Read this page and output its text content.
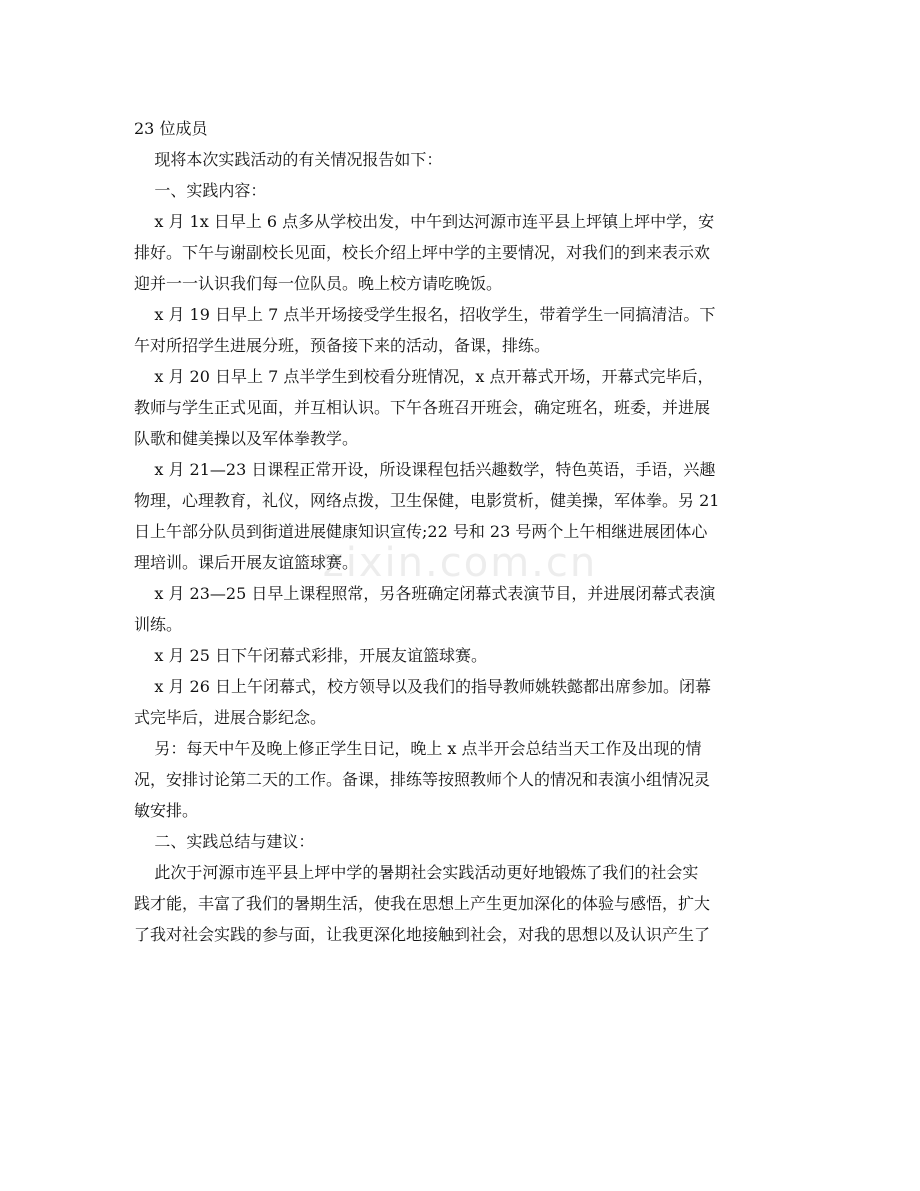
zixin.com.cn

23 位成员

现将本次实践活动的有关情况报告如下：

一、实践内容：

x 月 1x 日早上 6 点多从学校出发，中午到达河源市连平县上坪镇上坪中学，安

排好。下午与谢副校长见面，校长介绍上坪中学的主要情况，对我们的到来表示欢

迎并一一认识我们每一位队员。晚上校方请吃晚饭。

x 月 19 日早上 7 点半开场接受学生报名，招收学生，带着学生一同搞清洁。下

午对所招学生进展分班，预备接下来的活动，备课，排练。

x 月 20 日早上 7 点半学生到校看分班情况，x 点开幕式开场，开幕式完毕后，

教师与学生正式见面，并互相认识。下午各班召开班会，确定班名，班委，并进展

队歌和健美操以及军体拳教学。

x 月 21—23 日课程正常开设，所设课程包括兴趣数学，特色英语，手语，兴趣

物理，心理教育，礼仪，网络点拨，卫生保健，电影赏析，健美操，军体拳。另 21

日上午部分队员到街道进展健康知识宣传;22 号和 23 号两个上午相继进展团体心

理培训。课后开展友谊篮球赛。

x 月 23—25 日早上课程照常，另各班确定闭幕式表演节目，并进展闭幕式表演

训练。

x 月 25 日下午闭幕式彩排，开展友谊篮球赛。

x 月 26 日上午闭幕式，校方领导以及我们的指导教师姚轶懿都出席参加。闭幕

式完毕后，进展合影纪念。

另：每天中午及晚上修正学生日记，晚上 x 点半开会总结当天工作及出现的情

况，安排讨论第二天的工作。备课，排练等按照教师个人的情况和表演小组情况灵

敏安排。

二、实践总结与建议：

此次于河源市连平县上坪中学的暑期社会实践活动更好地锻炼了我们的社会实

践才能，丰富了我们的暑期生活，使我在思想上产生更加深化的体验与感悟，扩大

了我对社会实践的参与面，让我更深化地接触到社会，对我的思想以及认识产生了
